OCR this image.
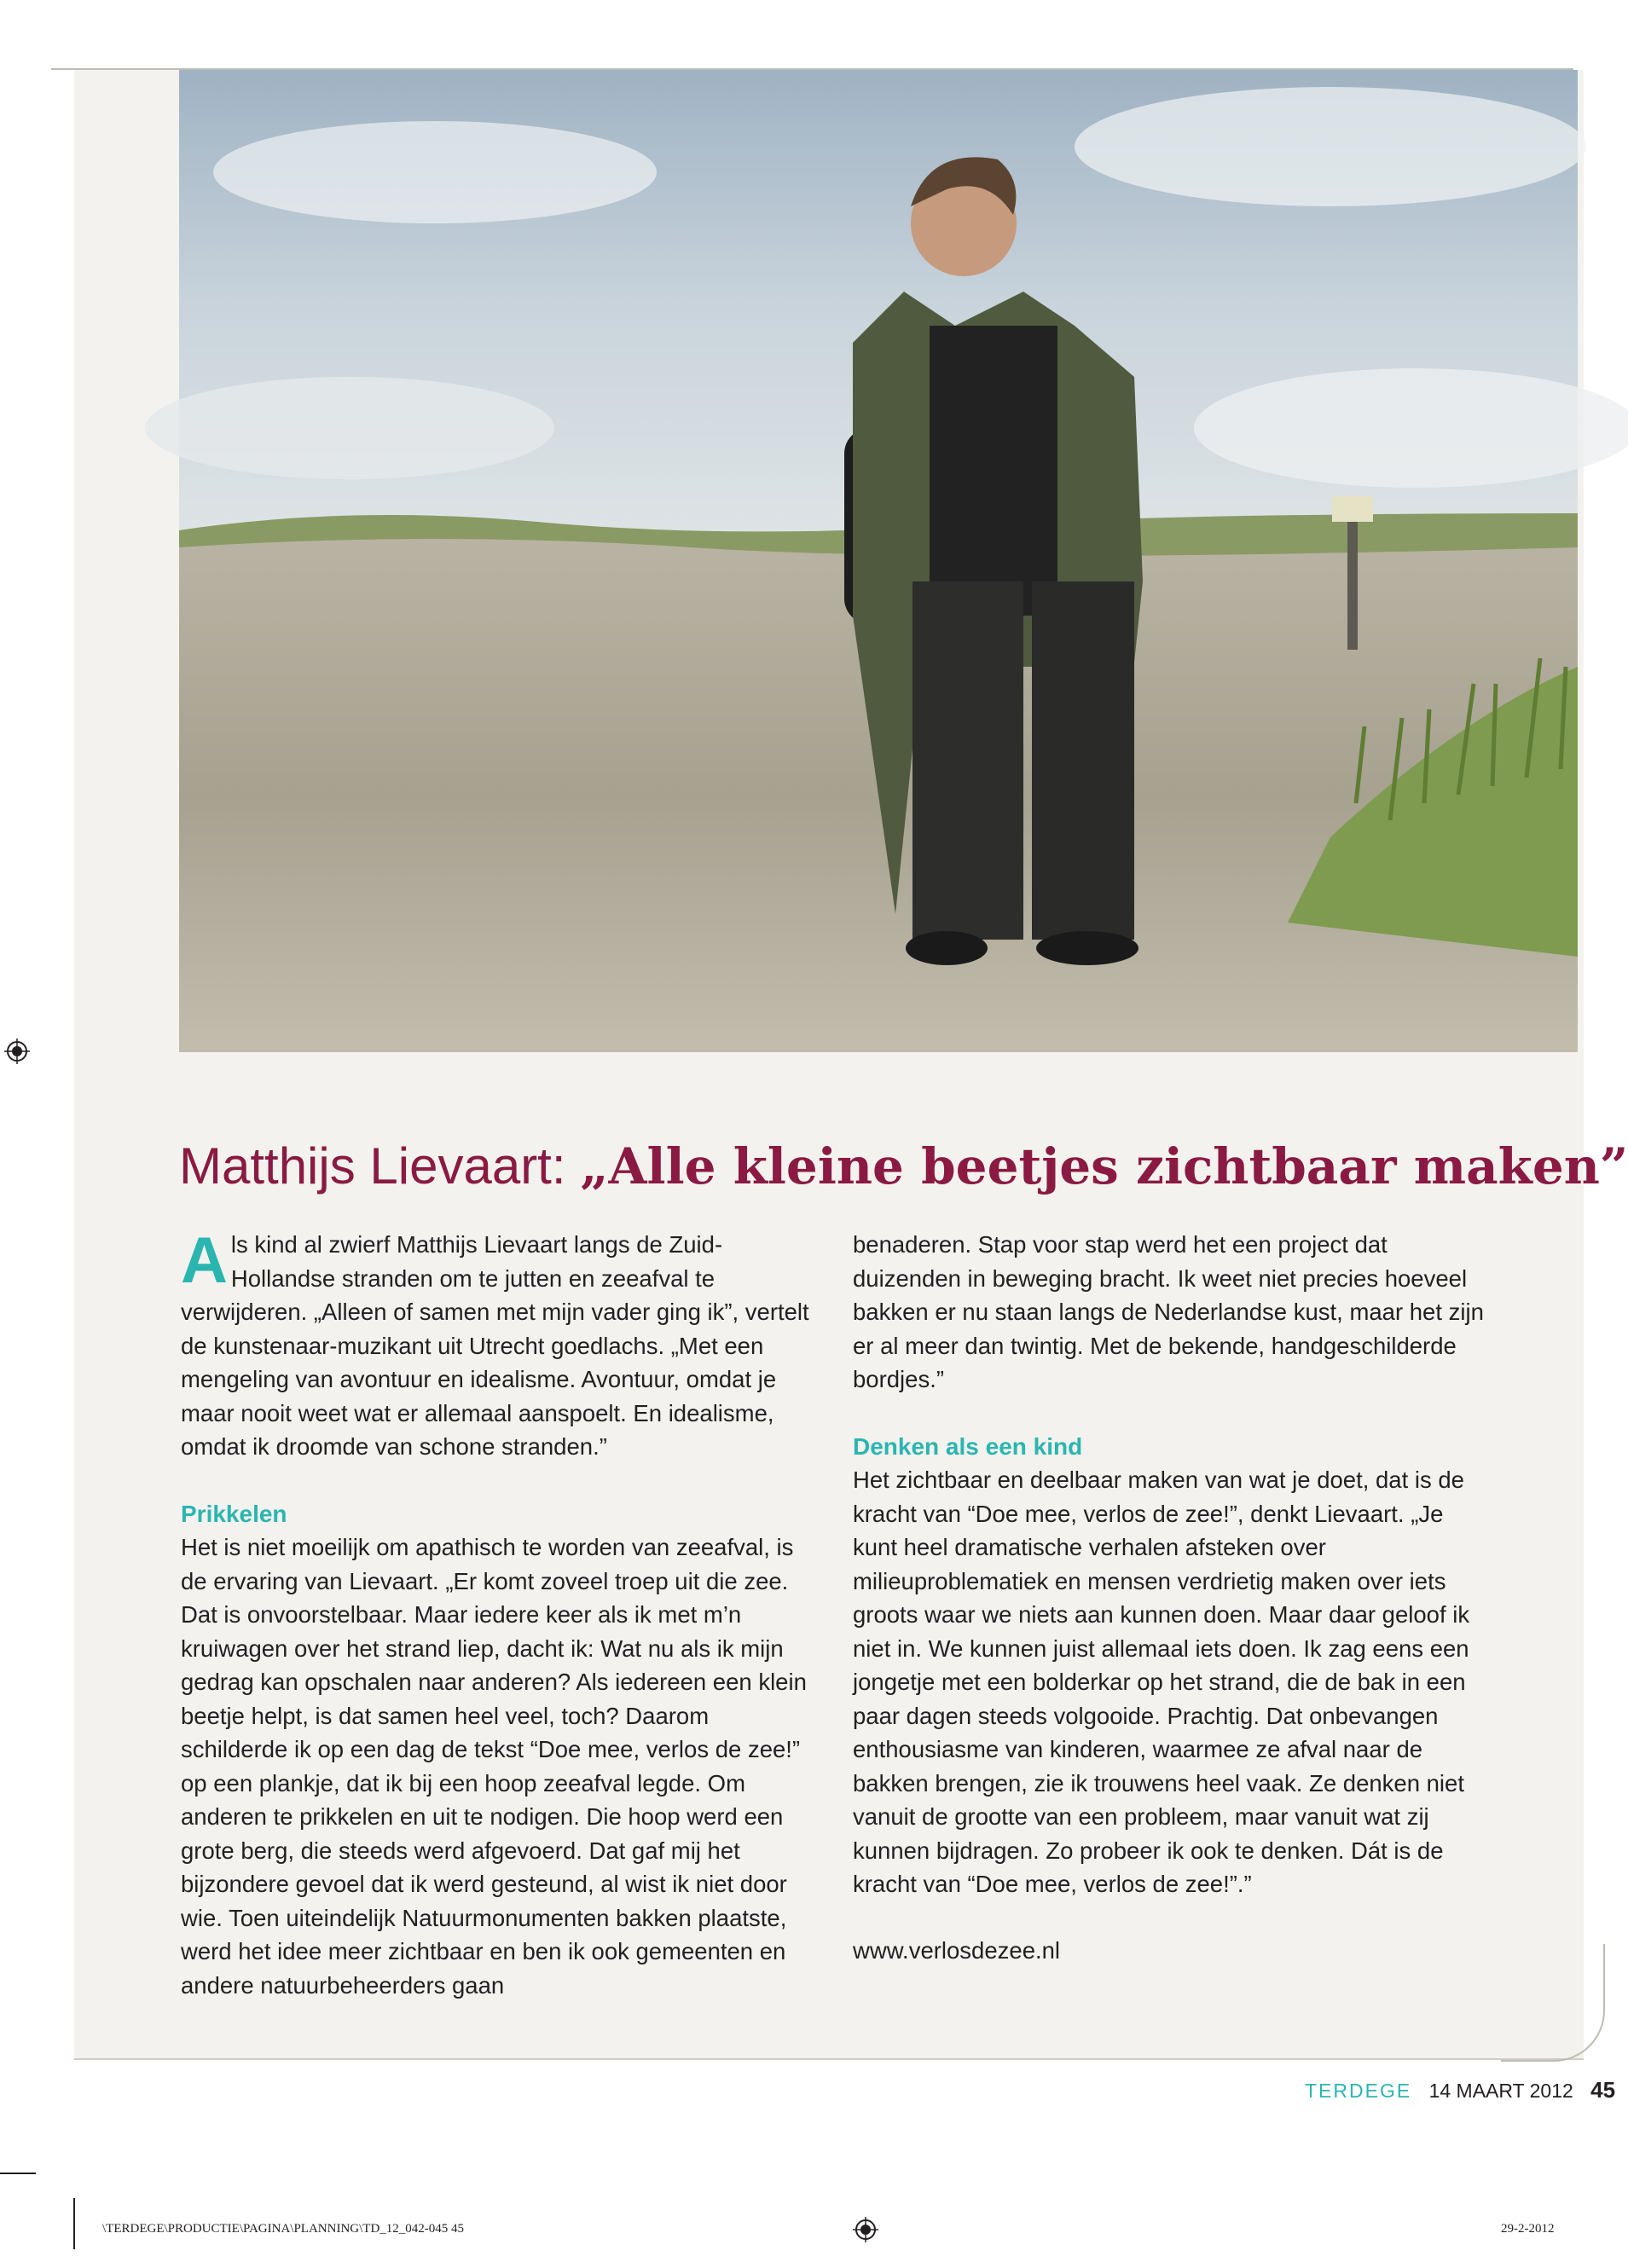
Matthijs Lievaart: „Alle kleine beetjes zichtbaar maken”

Als kind al zwierf Matthijs Lievaart langs de Zuid-Hollandse stranden om te jutten en zeeafval te verwijderen. „Alleen of samen met mijn vader ging ik”, vertelt de kunstenaar-muzikant uit Utrecht goedlachs. „Met een mengeling van avontuur en idealisme. Avontuur, omdat je maar nooit weet wat er allemaal aanspoelt. En idealisme, omdat ik droomde van schone stranden.”

Prikkelen

Het is niet moeilijk om apathisch te worden van zeeafval, is de ervaring van Lievaart. „Er komt zoveel troep uit die zee. Dat is onvoorstelbaar. Maar iedere keer als ik met m’n kruiwagen over het strand liep, dacht ik: Wat nu als ik mijn gedrag kan opschalen naar anderen? Als iedereen een klein beetje helpt, is dat samen heel veel, toch? Daarom schilderde ik op een dag de tekst “Doe mee, verlos de zee!” op een plankje, dat ik bij een hoop zeeafval legde. Om anderen te prikkelen en uit te nodigen. Die hoop werd een grote berg, die steeds werd afgevoerd. Dat gaf mij het bijzondere gevoel dat ik werd gesteund, al wist ik niet door wie. Toen uiteindelijk Natuurmonumenten bakken plaatste, werd het idee meer zichtbaar en ben ik ook gemeenten en andere natuurbeheerders gaan

benaderen. Stap voor stap werd het een project dat duizenden in beweging bracht. Ik weet niet precies hoeveel bakken er nu staan langs de Nederlandse kust, maar het zijn er al meer dan twintig. Met de bekende, handgeschilderde bordjes.”

Denken als een kind

Het zichtbaar en deelbaar maken van wat je doet, dat is de kracht van “Doe mee, verlos de zee!”, denkt Lievaart. „Je kunt heel dramatische verhalen afsteken over milieuproblematiek en mensen verdrietig maken over iets groots waar we niets aan kunnen doen. Maar daar geloof ik niet in. We kunnen juist allemaal iets doen. Ik zag eens een jongetje met een bolderkar op het strand, die de bak in een paar dagen steeds volgooide. Prachtig. Dat onbevangen enthousiasme van kinderen, waarmee ze afval naar de bakken brengen, zie ik trouwens heel vaak. Ze denken niet vanuit de grootte van een probleem, maar vanuit wat zij kunnen bijdragen. Zo probeer ik ook te denken. Dát is de kracht van “Doe mee, verlos de zee!”.”

www.verlosdezee.nl

TERDEGE 14 MAART 2012 45
\TERDEGE\PRODUCTIE\PAGINA\PLANNING\TD_12_042-045 45	29-2-2012
